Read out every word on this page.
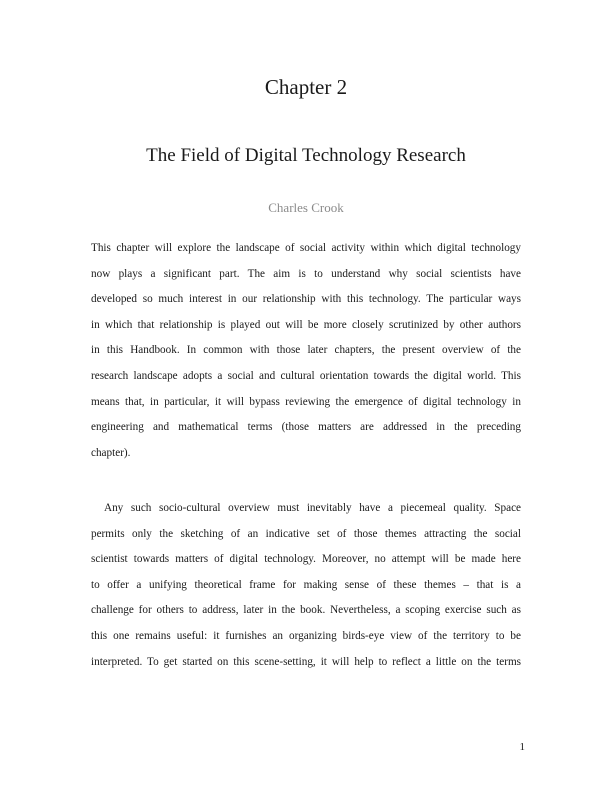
Chapter 2
The Field of Digital Technology Research
Charles Crook
This chapter will explore the landscape of social activity within which digital technology
now plays a significant part. The aim is to understand why social scientists have
developed so much interest in our relationship with this technology. The particular ways
in which that relationship is played out will be more closely scrutinized by other authors
in this Handbook. In common with those later chapters, the present overview of the
research landscape adopts a social and cultural orientation towards the digital world. This
means that, in particular, it will bypass reviewing the emergence of digital technology in
engineering and mathematical terms (those matters are addressed in the preceding
chapter).
Any such socio-cultural overview must inevitably have a piecemeal quality. Space
permits only the sketching of an indicative set of those themes attracting the social
scientist towards matters of digital technology. Moreover, no attempt will be made here
to offer a unifying theoretical frame for making sense of these themes – that is a
challenge for others to address, later in the book. Nevertheless, a scoping exercise such as
this one remains useful: it furnishes an organizing birds-eye view of the territory to be
interpreted. To get started on this scene-setting, it will help to reflect a little on the terms
1
